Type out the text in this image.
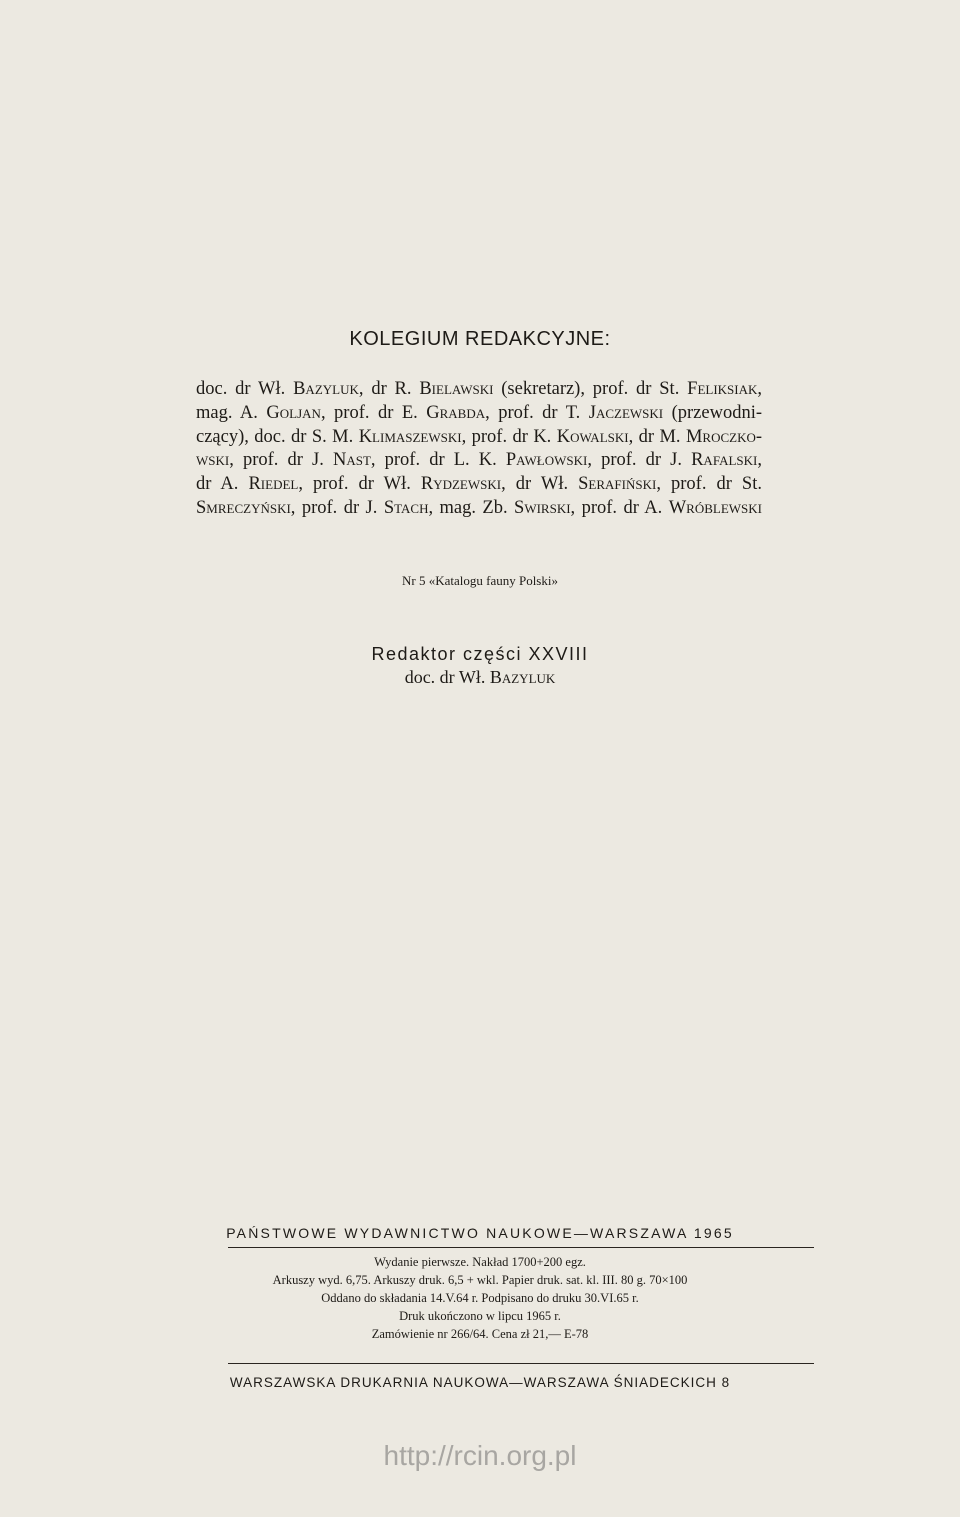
KOLEGIUM REDAKCYJNE:
doc. dr Wł. Bazyluk, dr R. Bielawski (sekretarz), prof. dr St. Feliksiak,
mag. A. Goljan, prof. dr E. Grabda, prof. dr T. Jaczewski (przewodni-
czący), doc. dr S. M. Klimaszewski, prof. dr K. Kowalski, dr M. Mroczko-
wski, prof. dr J. Nast, prof. dr L. K. Pawłowski, prof. dr J. Rafalski,
dr A. Riedel, prof. dr Wł. Rydzewski, dr Wł. Serafiński, prof. dr St.
Smreczyński, prof. dr J. Stach, mag. Zb. Swirski, prof. dr A. Wróblewski
Nr 5 «Katalogu fauny Polski»
Redaktor części XXVIII
doc. dr Wł. Bazyluk
PAŃSTWOWE WYDAWNICTWO NAUKOWE—WARSZAWA 1965
Wydanie pierwsze. Nakład 1700+200 egz.
Arkuszy wyd. 6,75. Arkuszy druk. 6,5 + wkl. Papier druk. sat. kl. III. 80 g. 70×100
Oddano do składania 14.V.64 r. Podpisano do druku 30.VI.65 r.
Druk ukończono w lipcu 1965 r.
Zamówienie nr 266/64. Cena zł 21,— E-78
WARSZAWSKA DRUKARNIA NAUKOWA—WARSZAWA ŚNIADECKICH 8
http://rcin.org.pl
